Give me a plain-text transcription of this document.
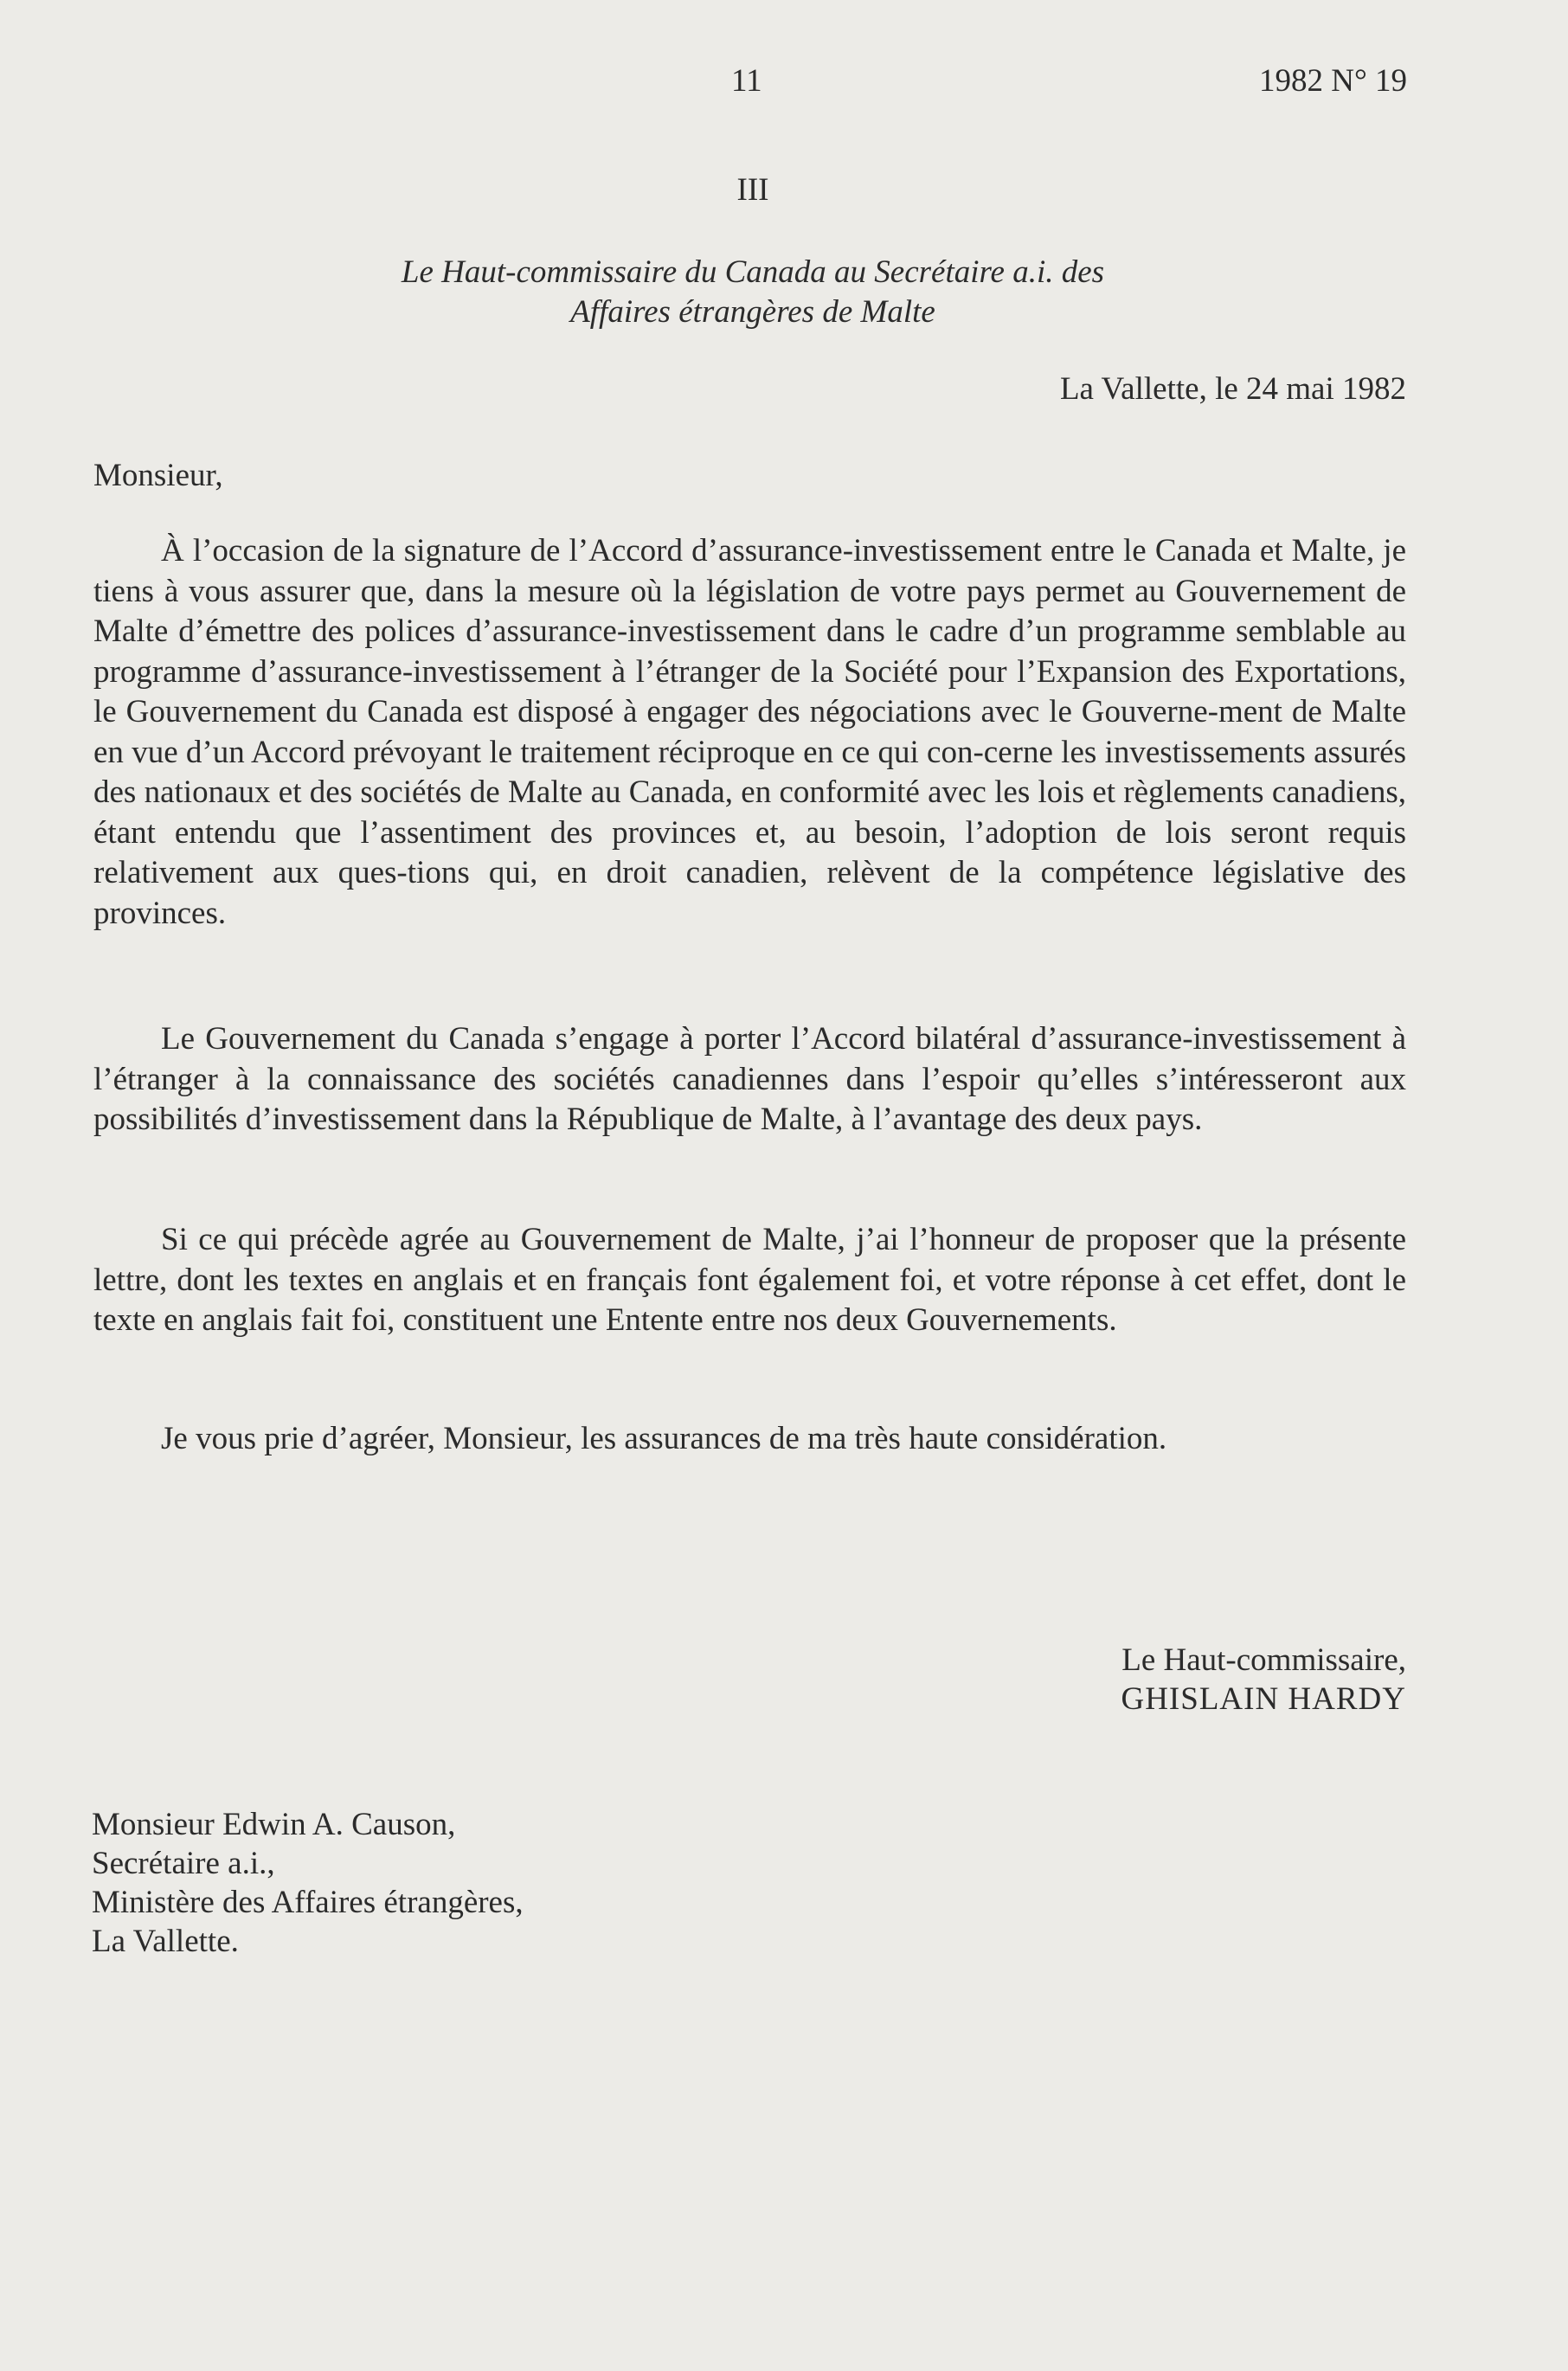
11	1982 N° 19
III
Le Haut-commissaire du Canada au Secrétaire a.i. des
Affaires étrangères de Malte
La Vallette, le 24 mai 1982
Monsieur,

À l’occasion de la signature de l’Accord d’assurance-investissement entre le Canada et Malte, je tiens à vous assurer que, dans la mesure où la législation de votre pays permet au Gouvernement de Malte d’émettre des polices d’assurance-investissement dans le cadre d’un programme semblable au programme d’assurance-investissement à l’étranger de la Société pour l’Expansion des Exportations, le Gouvernement du Canada est disposé à engager des négociations avec le Gouverne-ment de Malte en vue d’un Accord prévoyant le traitement réciproque en ce qui con-cerne les investissements assurés des nationaux et des sociétés de Malte au Canada, en conformité avec les lois et règlements canadiens, étant entendu que l’assentiment des provinces et, au besoin, l’adoption de lois seront requis relativement aux ques-tions qui, en droit canadien, relèvent de la compétence législative des provinces.

Le Gouvernement du Canada s’engage à porter l’Accord bilatéral d’assurance-investissement à l’étranger à la connaissance des sociétés canadiennes dans l’espoir qu’elles s’intéresseront aux possibilités d’investissement dans la République de Malte, à l’avantage des deux pays.

Si ce qui précède agrée au Gouvernement de Malte, j’ai l’honneur de proposer que la présente lettre, dont les textes en anglais et en français font également foi, et votre réponse à cet effet, dont le texte en anglais fait foi, constituent une Entente entre nos deux Gouvernements.

Je vous prie d’agréer, Monsieur, les assurances de ma très haute considération.

Le Haut-commissaire,
GHISLAIN HARDY
Monsieur Edwin A. Causon,
Secrétaire a.i.,
Ministère des Affaires étrangères,
La Vallette.
